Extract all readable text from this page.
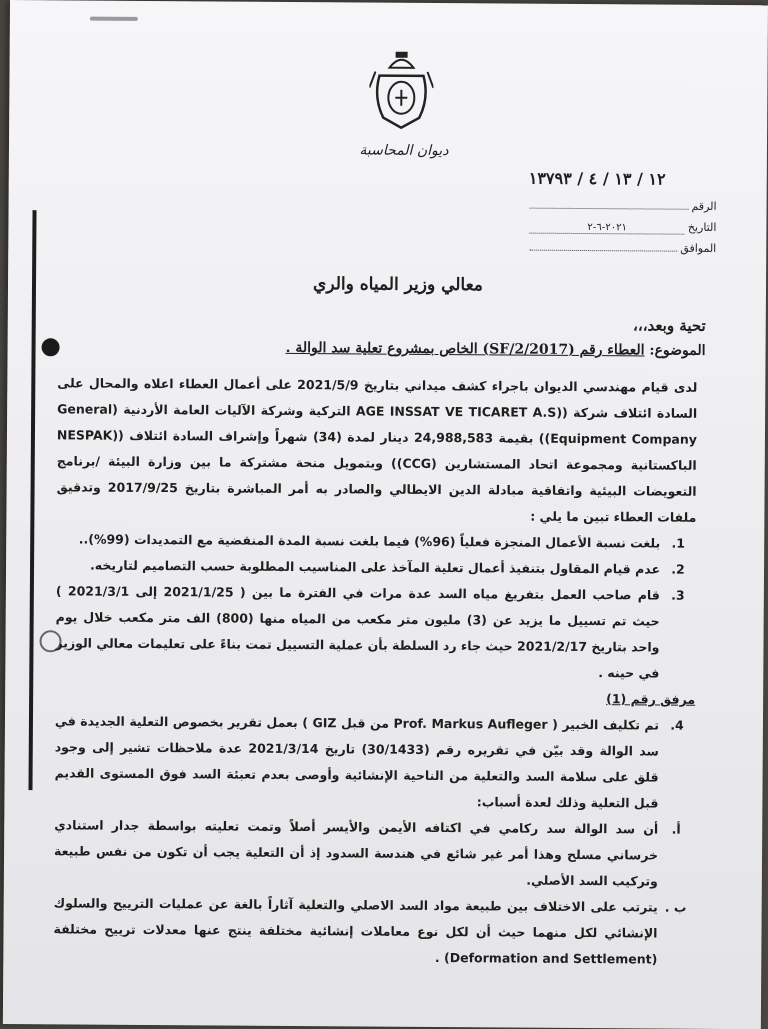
ديوان المحاسبة
١٢ / ١٣ / ٤ / ١٣٧٩٣
الرقم
التاريخ
٢٠٢١-٦-٢
الموافق
معالي وزير المياه والري
تحية وبعد،،،
الموضوع: العطاء رقم (SF/2/2017) الخاص بمشروع تعلية سد الوالة .

لدى قيام مهندسي الديوان باجراء كشف ميداني بتاريخ 2021/5/9 على أعمال العطاء اعلاه والمحال على السادة ائتلاف شركة ((AGE INSSAT VE TICARET A.S التركية وشركة الآليات العامة الأردنية (General Equipment Company)) بقيمة 24,988,583 دينار لمدة (34) شهراً وإشراف السادة ائتلاف ((NESPAK الباكستانية ومجموعة اتحاد المستشارين (CCG)) وبتمويل منحة مشتركة ما بين وزارة البيئة /برنامج التعويضات البيئية واتفاقية مبادلة الدين الايطالي والصادر به أمر المباشرة بتاريخ 2017/9/25 وتدقيق ملفات العطاء تبين ما يلي :

1.
بلغت نسبة الأعمال المنجزة فعلياً (96%) فيما بلغت نسبة المدة المنقضية مع التمديدات (99%)..
2.
عدم قيام المقاول بتنفيذ أعمال تعلية المآخذ على المناسيب المطلوبة حسب التصاميم لتاريخه.
3.
قام صاحب العمل بتفريغ مياه السد عدة مرات في الفترة ما بين ( 2021/1/25 إلى 2021/3/1 ) حيث تم تسييل ما يزيد عن (3) مليون متر مكعب من المياه منها (800) الف متر مكعب خلال يوم واحد بتاريخ 2021/2/17 حيث جاء رد السلطة بأن عملية التسييل تمت بناءً على تعليمات معالي الوزير في حينه .

مرفق رقم (1)

4.
تم تكليف الخبير ( Prof. Markus Aufleger من قبل GIZ ) بعمل تقرير بخصوص التعلية الجديدة في سد الوالة وقد بيّن في تقريره رقم (30/1433) تاريخ 2021/3/14 عدة ملاحظات تشير إلى وجود قلق على سلامة السد والتعلية من الناحية الإنشائية وأوصى بعدم تعبئة السد فوق المستوى القديم قبل التعلية وذلك لعدة أسباب:
أ.
أن سد الوالة سد ركامي في اكتافه الأيمن والأيسر أصلاً وتمت تعليته بواسطة جدار استنادي خرساني مسلح وهذا أمر غير شائع في هندسة السدود إذ أن التعلية يجب أن تكون من نفس طبيعة وتركيب السد الأصلي.
ب .
يترتب على الاختلاف بين طبيعة مواد السد الاصلي والتعلية آثاراً بالغة عن عمليات الترييح والسلوك الإنشائي لكل منهما حيث أن لكل نوع معاملات إنشائية مختلفة ينتج عنها معدلات ترييح مختلفة (Deformation and Settlement) .
